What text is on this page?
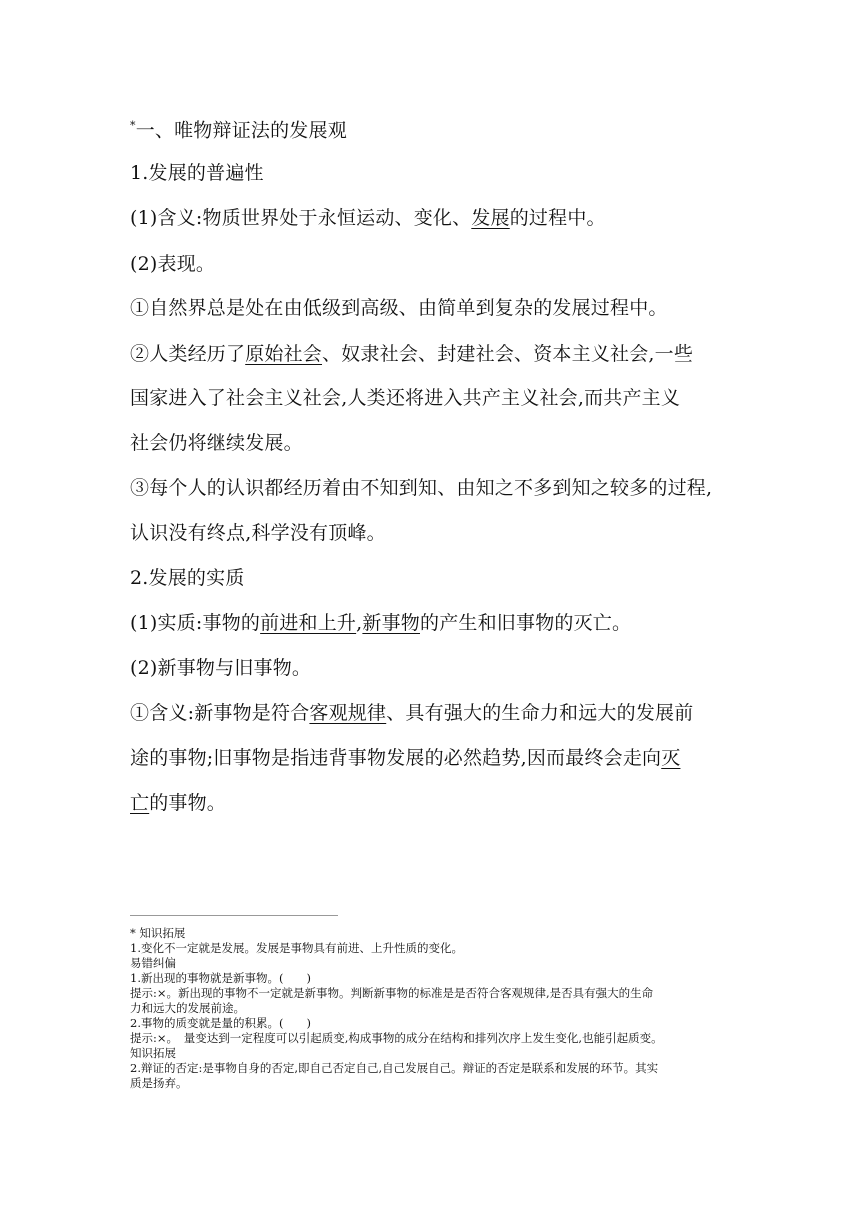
*一、唯物辩证法的发展观
1.发展的普遍性
(1)含义:物质世界处于永恒运动、变化、发展的过程中。
(2)表现。
①自然界总是处在由低级到高级、由简单到复杂的发展过程中。
②人类经历了原始社会、奴隶社会、封建社会、资本主义社会,一些
国家进入了社会主义社会,人类还将进入共产主义社会,而共产主义
社会仍将继续发展。
③每个人的认识都经历着由不知到知、由知之不多到知之较多的过程,
认识没有终点,科学没有顶峰。
2.发展的实质
(1)实质:事物的前进和上升,新事物的产生和旧事物的灭亡。
(2)新事物与旧事物。
①含义:新事物是符合客观规律、具有强大的生命力和远大的发展前
途的事物;旧事物是指违背事物发展的必然趋势,因而最终会走向灭
亡的事物。
* 知识拓展
1.变化不一定就是发展。发展是事物具有前进、上升性质的变化。
易错纠偏
1.新出现的事物就是新事物。(　　)
提示:×。新出现的事物不一定就是新事物。判断新事物的标准是是否符合客观规律,是否具有强大的生命
力和远大的发展前途。
2.事物的质变就是量的积累。(　　)
提示:×。　量变达到一定程度可以引起质变,构成事物的成分在结构和排列次序上发生变化,也能引起质变。
知识拓展
2.辩证的否定:是事物自身的否定,即自己否定自己,自己发展自己。辩证的否定是联系和发展的环节。其实
质是扬弃。
